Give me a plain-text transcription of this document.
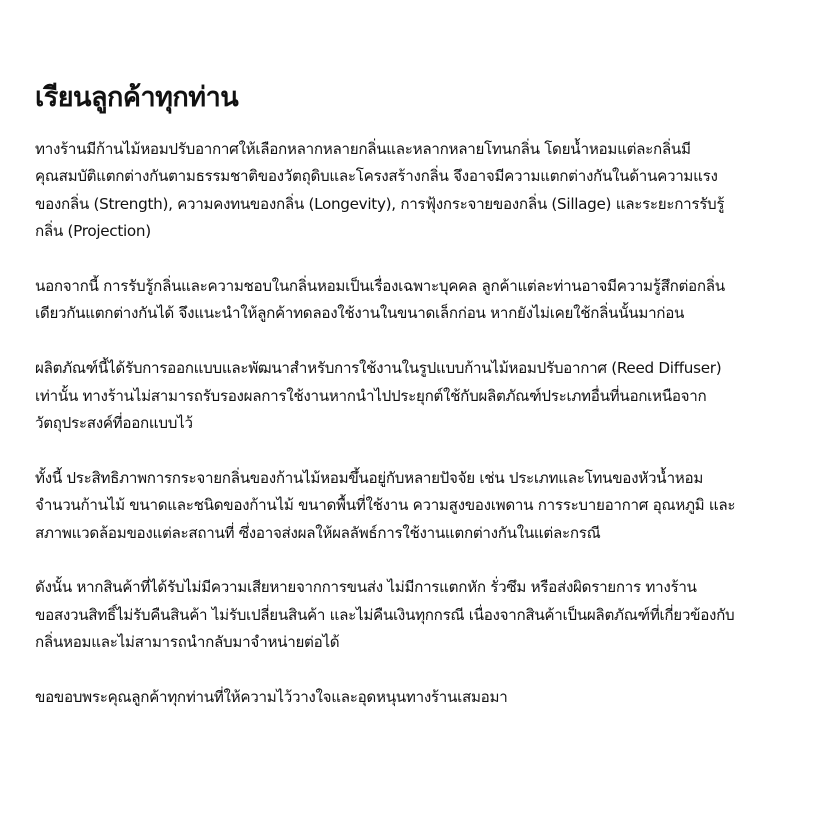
เรียนลูกค้าทุกท่าน
ทางร้านมีก้านไม้หอมปรับอากาศให้เลือกหลากหลายกลิ่นและหลากหลายโทนกลิ่น โดยน้ำหอมแต่ละกลิ่นมี
คุณสมบัติแตกต่างกันตามธรรมชาติของวัตถุดิบและโครงสร้างกลิ่น จึงอาจมีความแตกต่างกันในด้านความแรง
ของกลิ่น (Strength), ความคงทนของกลิ่น (Longevity), การฟุ้งกระจายของกลิ่น (Sillage) และระยะการรับรู้
กลิ่น (Projection)
นอกจากนี้ การรับรู้กลิ่นและความชอบในกลิ่นหอมเป็นเรื่องเฉพาะบุคคล ลูกค้าแต่ละท่านอาจมีความรู้สึกต่อกลิ่น
เดียวกันแตกต่างกันได้ จึงแนะนำให้ลูกค้าทดลองใช้งานในขนาดเล็กก่อน หากยังไม่เคยใช้กลิ่นนั้นมาก่อน
ผลิตภัณฑ์นี้ได้รับการออกแบบและพัฒนาสำหรับการใช้งานในรูปแบบก้านไม้หอมปรับอากาศ (Reed Diffuser)
เท่านั้น ทางร้านไม่สามารถรับรองผลการใช้งานหากนำไปประยุกต์ใช้กับผลิตภัณฑ์ประเภทอื่นที่นอกเหนือจาก
วัตถุประสงค์ที่ออกแบบไว้
ทั้งนี้ ประสิทธิภาพการกระจายกลิ่นของก้านไม้หอมขึ้นอยู่กับหลายปัจจัย เช่น ประเภทและโทนของหัวน้ำหอม
จำนวนก้านไม้ ขนาดและชนิดของก้านไม้ ขนาดพื้นที่ใช้งาน ความสูงของเพดาน การระบายอากาศ อุณหภูมิ และ
สภาพแวดล้อมของแต่ละสถานที่ ซึ่งอาจส่งผลให้ผลลัพธ์การใช้งานแตกต่างกันในแต่ละกรณี
ดังนั้น หากสินค้าที่ได้รับไม่มีความเสียหายจากการขนส่ง ไม่มีการแตกหัก รั่วซึม หรือส่งผิดรายการ ทางร้าน
ขอสงวนสิทธิ์ไม่รับคืนสินค้า ไม่รับเปลี่ยนสินค้า และไม่คืนเงินทุกกรณี เนื่องจากสินค้าเป็นผลิตภัณฑ์ที่เกี่ยวข้องกับ
กลิ่นหอมและไม่สามารถนำกลับมาจำหน่ายต่อได้
ขอขอบพระคุณลูกค้าทุกท่านที่ให้ความไว้วางใจและอุดหนุนทางร้านเสมอมา
